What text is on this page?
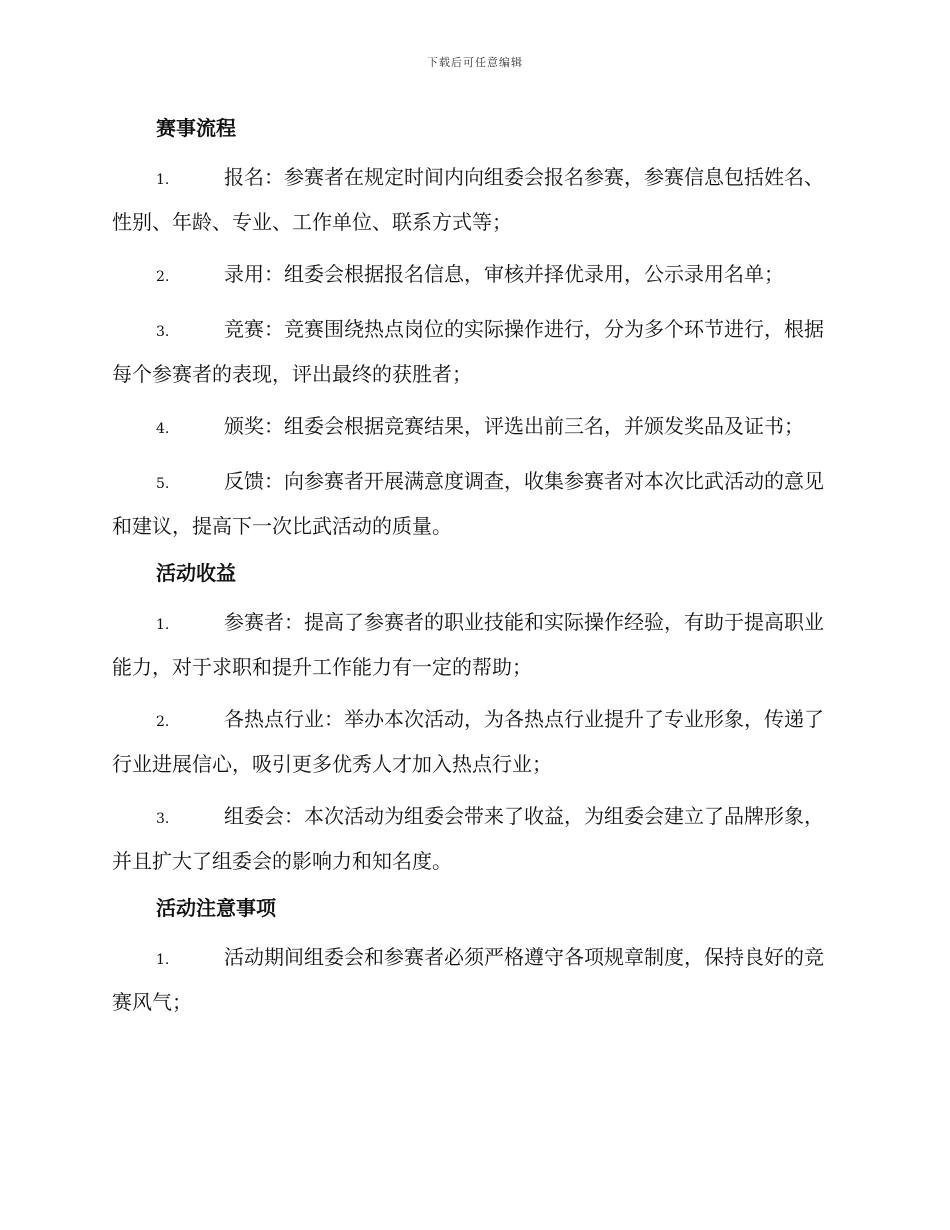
下载后可任意编辑
赛事流程

1.	报名：参赛者在规定时间内向组委会报名参赛，参赛信息包括姓名、性别、年龄、专业、工作单位、联系方式等；

2.	录用：组委会根据报名信息，审核并择优录用，公示录用名单；

3.	竞赛：竞赛围绕热点岗位的实际操作进行，分为多个环节进行，根据每个参赛者的表现，评出最终的获胜者；

4.	颁奖：组委会根据竞赛结果，评选出前三名，并颁发奖品及证书；

5.	反馈：向参赛者开展满意度调查，收集参赛者对本次比武活动的意见和建议，提高下一次比武活动的质量。

活动收益

1.	参赛者：提高了参赛者的职业技能和实际操作经验，有助于提高职业能力，对于求职和提升工作能力有一定的帮助；

2.	各热点行业：举办本次活动，为各热点行业提升了专业形象，传递了行业进展信心，吸引更多优秀人才加入热点行业；

3.	组委会：本次活动为组委会带来了收益，为组委会建立了品牌形象，并且扩大了组委会的影响力和知名度。

活动注意事项

1.	活动期间组委会和参赛者必须严格遵守各项规章制度，保持良好的竞赛风气；
